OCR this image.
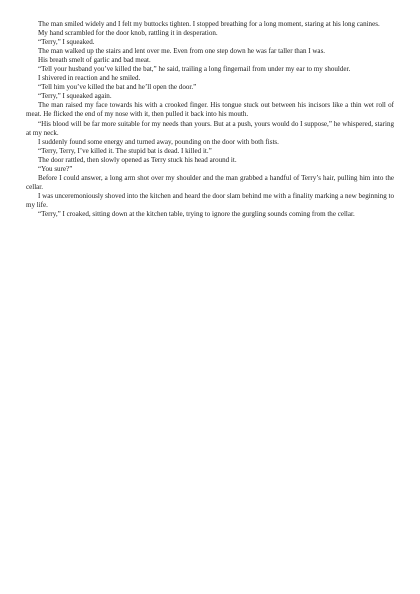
The man smiled widely and I felt my buttocks tighten. I stopped breathing for a long moment, staring at his long canines.

My hand scrambled for the door knob, rattling it in desperation.

“Terry,” I squeaked.

The man walked up the stairs and lent over me. Even from one step down he was far taller than I was.

His breath smelt of garlic and bad meat.

“Tell your husband you’ve killed the bat,” he said, trailing a long fingernail from under my ear to my shoulder.

I shivered in reaction and he smiled.

“Tell him you’ve killed the bat and he’ll open the door.”

“Terry,” I squeaked again.

The man raised my face towards his with a crooked finger. His tongue stuck out between his incisors like a thin wet roll of meat. He flicked the end of my nose with it, then pulled it back into his mouth.

“His blood will be far more suitable for my needs than yours. But at a push, yours would do I suppose,” he whispered, staring at my neck.

I suddenly found some energy and turned away, pounding on the door with both fists.

“Terry, Terry, I’ve killed it. The stupid bat is dead. I killed it.”

The door rattled, then slowly opened as Terry stuck his head around it.

“You sure?”

Before I could answer, a long arm shot over my shoulder and the man grabbed a handful of Terry’s hair, pulling him into the cellar.

I was unceremoniously shoved into the kitchen and heard the door slam behind me with a finality marking a new beginning to my life.

“Terry,” I croaked, sitting down at the kitchen table, trying to ignore the gurgling sounds coming from the cellar.
